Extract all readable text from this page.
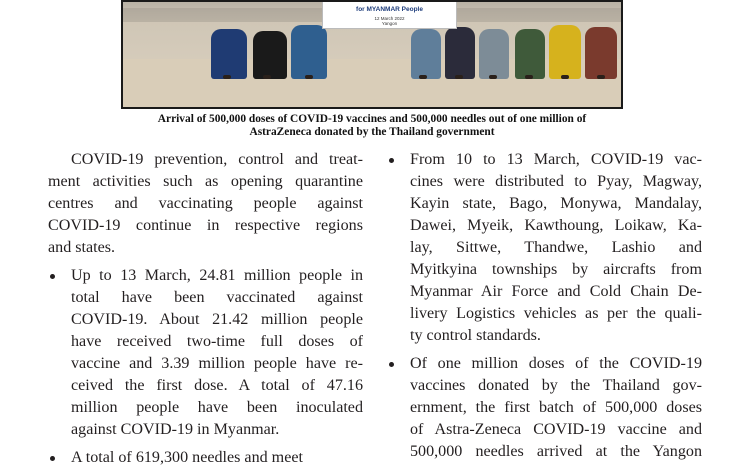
for MYANMAR People
12 March 2022
Yangon
Arrival of 500,000 doses of COVID-19 vaccines and 500,000 needles out of one million of
AstraZeneca donated by the Thailand government
COVID-19 prevention, control and treat-
ment activities such as opening quarantine
centres and vaccinating people against
COVID-19 continue in respective regions
and states.
Up to 13 March, 24.81 million people in
total have been vaccinated against
COVID-19. About 21.42 million people
have received two-time full doses of
vaccine and 3.39 million people have re-
ceived the first dose. A total of 47.16
million people have been inoculated
against COVID-19 in Myanmar.
A total of 619,300 needles and meet
From 10 to 13 March, COVID-19 vac-
cines were distributed to Pyay, Magway,
Kayin state, Bago, Monywa, Mandalay,
Dawei, Myeik, Kawthoung, Loikaw, Ka-
lay, Sittwe, Thandwe, Lashio and
Myitkyina townships by aircrafts from
Myanmar Air Force and Cold Chain De-
livery Logistics vehicles as per the quali-
ty control standards.
Of one million doses of the COVID-19
vaccines donated by the Thailand gov-
ernment, the first batch of 500,000 doses
of Astra-Zeneca COVID-19 vaccine and
500,000 needles arrived at the Yangon
